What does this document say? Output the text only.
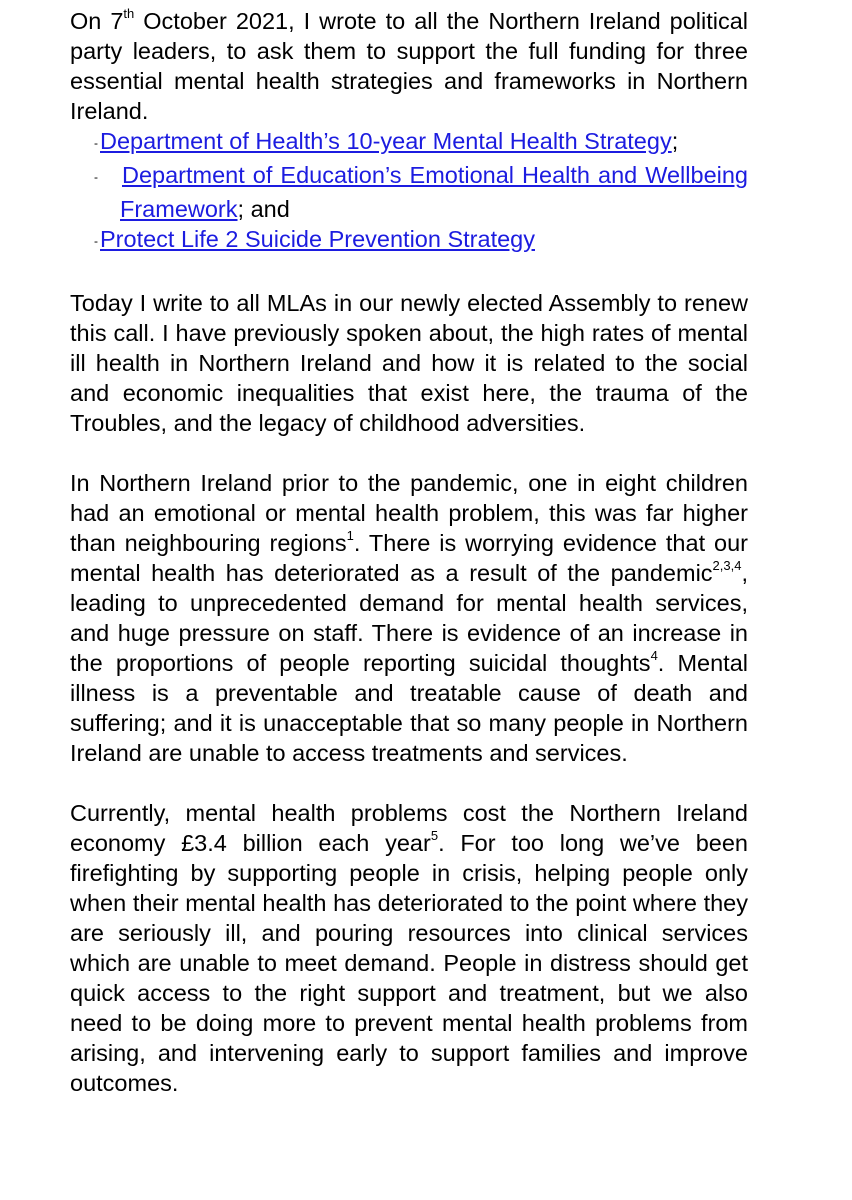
On 7th October 2021, I wrote to all the Northern Ireland political party leaders, to ask them to support the full funding for three essential mental health strategies and frameworks in Northern Ireland.

-Department of Health’s 10-year Mental Health Strategy;
- Department of Education’s Emotional Health and Wellbeing Framework; and
-Protect Life 2 Suicide Prevention Strategy

Today I write to all MLAs in our newly elected Assembly to renew this call. I have previously spoken about, the high rates of mental ill health in Northern Ireland and how it is related to the social and economic inequalities that exist here, the trauma of the Troubles, and the legacy of childhood adversities.

In Northern Ireland prior to the pandemic, one in eight children had an emotional or mental health problem, this was far higher than neighbouring regions$^1$. There is worrying evidence that our mental health has deteriorated as a result of the pandemic$^{2,3,4}$, leading to unprecedented demand for mental health services, and huge pressure on staff. There is evidence of an increase in the proportions of people reporting suicidal thoughts$^4$. Mental illness is a preventable and treatable cause of death and suffering; and it is unacceptable that so many people in Northern Ireland are unable to access treatments and services.

Currently, mental health problems cost the Northern Ireland economy £3.4 billion each year$^5$. For too long we’ve been firefighting by supporting people in crisis, helping people only when their mental health has deteriorated to the point where they are seriously ill, and pouring resources into clinical services which are unable to meet demand. People in distress should get quick access to the right support and treatment, but we also need to be doing more to prevent mental health problems from arising, and intervening early to support families and improve outcomes.
